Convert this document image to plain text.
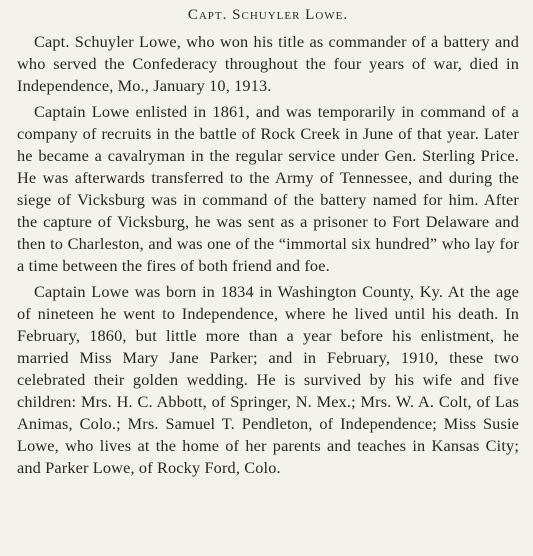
Capt. Schuyler Lowe.

Capt. Schuyler Lowe, who won his title as commander of a battery and who served the Confederacy throughout the four years of war, died in Independence, Mo., January 10, 1913.

Captain Lowe enlisted in 1861, and was temporarily in command of a company of recruits in the battle of Rock Creek in June of that year. Later he became a cavalryman in the regular service under Gen. Sterling Price. He was afterwards transferred to the Army of Tennessee, and during the siege of Vicksburg was in command of the battery named for him. After the capture of Vicksburg, he was sent as a prisoner to Fort Delaware and then to Charleston, and was one of the “immortal six hundred” who lay for a time between the fires of both friend and foe.

Captain Lowe was born in 1834 in Washington County, Ky. At the age of nineteen he went to Independence, where he lived until his death. In February, 1860, but little more than a year before his enlistment, he married Miss Mary Jane Parker; and in February, 1910, these two celebrated their golden wedding. He is survived by his wife and five children: Mrs. H. C. Abbott, of Springer, N. Mex.; Mrs. W. A. Colt, of Las Animas, Colo.; Mrs. Samuel T. Pendleton, of Independence; Miss Susie Lowe, who lives at the home of her parents and teaches in Kansas City; and Parker Lowe, of Rocky Ford, Colo.
